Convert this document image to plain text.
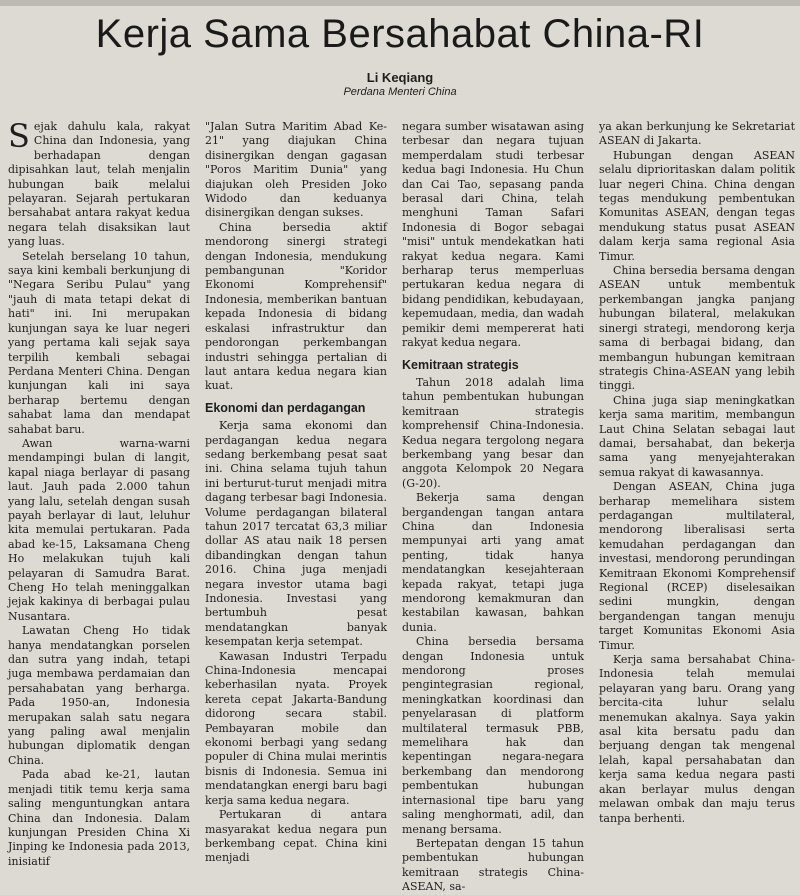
Kerja Sama Bersahabat China-RI
Li Keqiang
Perdana Menteri China

Sejak dahulu kala, rakyat China dan Indonesia, yang berhadapan dengan dipisahkan laut, telah menjalin hubungan baik melalui pelayaran. Sejarah pertukaran bersahabat antara rakyat kedua negara telah disaksikan laut yang luas.

Setelah berselang 10 tahun, saya kini kembali berkunjung di "Negara Seribu Pulau" yang "jauh di mata tetapi dekat di hati" ini. Ini merupakan kunjungan saya ke luar negeri yang pertama kali sejak saya terpilih kembali sebagai Perdana Menteri China. Dengan kunjungan kali ini saya berharap bertemu dengan sahabat lama dan mendapat sahabat baru.

Awan warna-warni mendampingi bulan di langit, kapal niaga berlayar di pasang laut. Jauh pada 2.000 tahun yang lalu, setelah dengan susah payah berlayar di laut, leluhur kita memulai pertukaran. Pada abad ke-15, Laksamana Cheng Ho melakukan tujuh kali pelayaran di Samudra Barat. Cheng Ho telah meninggalkan jejak kakinya di berbagai pulau Nusantara.

Lawatan Cheng Ho tidak hanya mendatangkan porselen dan sutra yang indah, tetapi juga membawa perdamaian dan persahabatan yang berharga. Pada 1950-an, Indonesia merupakan salah satu negara yang paling awal menjalin hubungan diplomatik dengan China.

Pada abad ke-21, lautan menjadi titik temu kerja sama saling menguntungkan antara China dan Indonesia. Dalam kunjungan Presiden China Xi Jinping ke Indonesia pada 2013, inisiatif

"Jalan Sutra Maritim Abad Ke-21" yang diajukan China disinergikan dengan gagasan "Poros Maritim Dunia" yang diajukan oleh Presiden Joko Widodo dan keduanya disinergikan dengan sukses.

China bersedia aktif mendorong sinergi strategi dengan Indonesia, mendukung pembangunan "Koridor Ekonomi Komprehensif" Indonesia, memberikan bantuan kepada Indonesia di bidang eskalasi infrastruktur dan pendorongan perkembangan industri sehingga pertalian di laut antara kedua negara kian kuat.

Ekonomi dan perdagangan

Kerja sama ekonomi dan perdagangan kedua negara sedang berkembang pesat saat ini. China selama tujuh tahun ini berturut-turut menjadi mitra dagang terbesar bagi Indonesia. Volume perdagangan bilateral tahun 2017 tercatat 63,3 miliar dollar AS atau naik 18 persen dibandingkan dengan tahun 2016. China juga menjadi negara investor utama bagi Indonesia. Investasi yang bertumbuh pesat mendatangkan banyak kesempatan kerja setempat.

Kawasan Industri Terpadu China-Indonesia mencapai keberhasilan nyata. Proyek kereta cepat Jakarta-Bandung didorong secara stabil. Pembayaran mobile dan ekonomi berbagi yang sedang populer di China mulai merintis bisnis di Indonesia. Semua ini mendatangkan energi baru bagi kerja sama kedua negara.

Pertukaran di antara masyarakat kedua negara pun berkembang cepat. China kini menjadi

negara sumber wisatawan asing terbesar dan negara tujuan memperdalam studi terbesar kedua bagi Indonesia. Hu Chun dan Cai Tao, sepasang panda berasal dari China, telah menghuni Taman Safari Indonesia di Bogor sebagai "misi" untuk mendekatkan hati rakyat kedua negara. Kami berharap terus memperluas pertukaran kedua negara di bidang pendidikan, kebudayaan, kepemudaan, media, dan wadah pemikir demi mempererat hati rakyat kedua negara.

Kemitraan strategis

Tahun 2018 adalah lima tahun pembentukan hubungan kemitraan strategis komprehensif China-Indonesia. Kedua negara tergolong negara berkembang yang besar dan anggota Kelompok 20 Negara (G-20).

Bekerja sama dengan bergandengan tangan antara China dan Indonesia mempunyai arti yang amat penting, tidak hanya mendatangkan kesejahteraan kepada rakyat, tetapi juga mendorong kemakmuran dan kestabilan kawasan, bahkan dunia.

China bersedia bersama dengan Indonesia untuk mendorong proses pengintegrasian regional, meningkatkan koordinasi dan penyelarasan di platform multilateral termasuk PBB, memelihara hak dan kepentingan negara-negara berkembang dan mendorong pembentukan hubungan internasional tipe baru yang saling menghormati, adil, dan menang bersama.

Bertepatan dengan 15 tahun pembentukan hubungan kemitraan strategis China-ASEAN, sa-

ya akan berkunjung ke Sekretariat ASEAN di Jakarta.

Hubungan dengan ASEAN selalu diprioritaskan dalam politik luar negeri China. China dengan tegas mendukung pembentukan Komunitas ASEAN, dengan tegas mendukung status pusat ASEAN dalam kerja sama regional Asia Timur.

China bersedia bersama dengan ASEAN untuk membentuk perkembangan jangka panjang hubungan bilateral, melakukan sinergi strategi, mendorong kerja sama di berbagai bidang, dan membangun hubungan kemitraan strategis China-ASEAN yang lebih tinggi.

China juga siap meningkatkan kerja sama maritim, membangun Laut China Selatan sebagai laut damai, bersahabat, dan bekerja sama yang menyejahterakan semua rakyat di kawasannya.

Dengan ASEAN, China juga berharap memelihara sistem perdagangan multilateral, mendorong liberalisasi serta kemudahan perdagangan dan investasi, mendorong perundingan Kemitraan Ekonomi Komprehensif Regional (RCEP) diselesaikan sedini mungkin, dengan bergandengan tangan menuju target Komunitas Ekonomi Asia Timur.

Kerja sama bersahabat China-Indonesia telah memulai pelayaran yang baru. Orang yang bercita-cita luhur selalu menemukan akalnya. Saya yakin asal kita bersatu padu dan berjuang dengan tak mengenal lelah, kapal persahabatan dan kerja sama kedua negara pasti akan berlayar mulus dengan melawan ombak dan maju terus tanpa berhenti.
